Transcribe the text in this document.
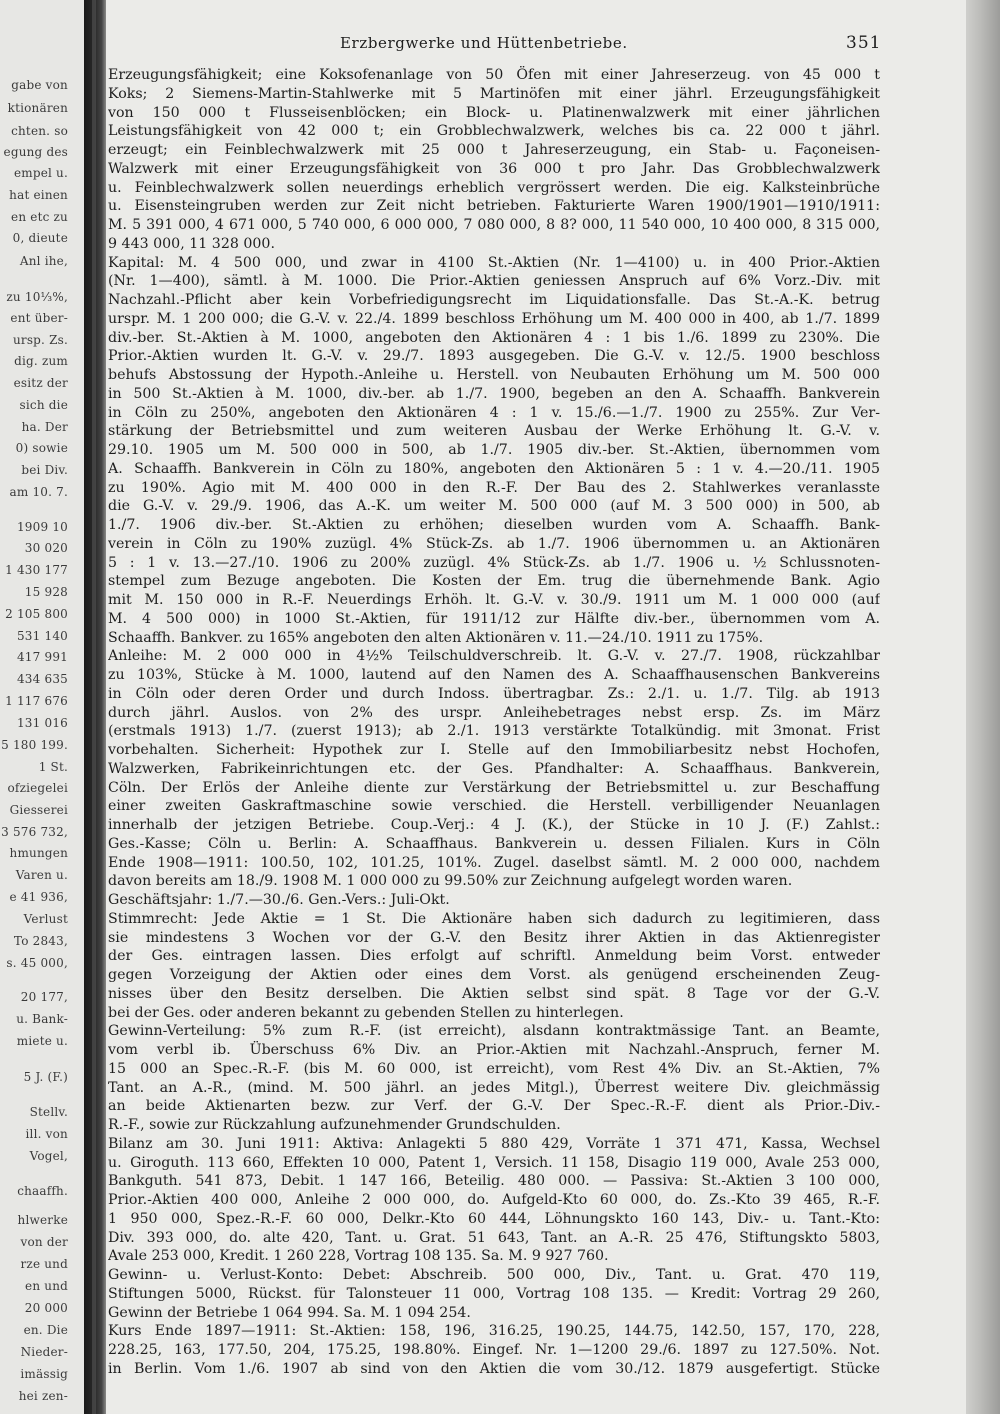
gabe von
ktionären
chten. so
egung des
empel u.
hat einen
en etc zu
0, dieute
Anl ihe,
zu 10⅓%,
ent über-
ursp. Zs.
dig. zum
esitz der
sich die
ha. Der
0) sowie
bei Div.
am 10. 7.
1909 10
30 020
1 430 177
15 928
2 105 800
531 140
417 991
434 635
1 117 676
131 016
5 180 199.
1 St.
ofziegelei
Giesserei
3 576 732,
hmungen
Varen u.
e 41 936,
Verlust
To 2843,
s. 45 000,
20 177,
u. Bank-
miete u.
5 J. (F.)
Stellv.
ill. von
Vogel,
chaaffh.
hlwerke
von der
rze und
en und
20 000
en. Die
Nieder-
imässig
hei zen-
Erzbergwerke und Hüttenbetriebe.	351
Erzeugungsfähigkeit; eine Koksofenanlage von 50 Öfen mit einer Jahreserzeug. von 45 000 t
Koks; 2 Siemens-Martin-Stahlwerke mit 5 Martinöfen mit einer jährl. Erzeugungsfähigkeit
von 150 000 t Flusseisenblöcken; ein Block- u. Platinenwalzwerk mit einer jährlichen
Leistungsfähigkeit von 42 000 t; ein Grobblechwalzwerk, welches bis ca. 22 000 t jährl.
erzeugt; ein Feinblechwalzwerk mit 25 000 t Jahreserzeugung, ein Stab- u. Façoneisen-
Walzwerk mit einer Erzeugungsfähigkeit von 36 000 t pro Jahr. Das Grobblechwalzwerk
u. Feinblechwalzwerk sollen neuerdings erheblich vergrössert werden. Die eig. Kalksteinbrüche
u. Eisensteingruben werden zur Zeit nicht betrieben. Fakturierte Waren 1900/1901—1910/1911:
M. 5 391 000, 4 671 000, 5 740 000, 6 000 000, 7 080 000, 8 8? 000, 11 540 000, 10 400 000, 8 315 000,
9 443 000, 11 328 000.
Kapital: M. 4 500 000, und zwar in 4100 St.-Aktien (Nr. 1—4100) u. in 400 Prior.-Aktien
(Nr. 1—400), sämtl. à M. 1000. Die Prior.-Aktien geniessen Anspruch auf 6% Vorz.-Div. mit
Nachzahl.-Pflicht aber kein Vorbefriedigungsrecht im Liquidationsfalle. Das St.-A.-K. betrug
urspr. M. 1 200 000; die G.-V. v. 22./4. 1899 beschloss Erhöhung um M. 400 000 in 400, ab 1./7. 1899
div.-ber. St.-Aktien à M. 1000, angeboten den Aktionären 4 : 1 bis 1./6. 1899 zu 230%. Die
Prior.-Aktien wurden lt. G.-V. v. 29./7. 1893 ausgegeben. Die G.-V. v. 12./5. 1900 beschloss
behufs Abstossung der Hypoth.-Anleihe u. Herstell. von Neubauten Erhöhung um M. 500 000
in 500 St.-Aktien à M. 1000, div.-ber. ab 1./7. 1900, begeben an den A. Schaaffh. Bankverein
in Cöln zu 250%, angeboten den Aktionären 4 : 1 v. 15./6.—1./7. 1900 zu 255%. Zur Ver-
stärkung der Betriebsmittel und zum weiteren Ausbau der Werke Erhöhung lt. G.-V. v.
29.10. 1905 um M. 500 000 in 500, ab 1./7. 1905 div.-ber. St.-Aktien, übernommen vom
A. Schaaffh. Bankverein in Cöln zu 180%, angeboten den Aktionären 5 : 1 v. 4.—20./11. 1905
zu 190%. Agio mit M. 400 000 in den R.-F. Der Bau des 2. Stahlwerkes veranlasste
die G.-V. v. 29./9. 1906, das A.-K. um weiter M. 500 000 (auf M. 3 500 000) in 500, ab
1./7. 1906 div.-ber. St.-Aktien zu erhöhen; dieselben wurden vom A. Schaaffh. Bank-
verein in Cöln zu 190% zuzügl. 4% Stück-Zs. ab 1./7. 1906 übernommen u. an Aktionären
5 : 1 v. 13.—27./10. 1906 zu 200% zuzügl. 4% Stück-Zs. ab 1./7. 1906 u. ½ Schlussnoten-
stempel zum Bezuge angeboten. Die Kosten der Em. trug die übernehmende Bank. Agio
mit M. 150 000 in R.-F. Neuerdings Erhöh. lt. G.-V. v. 30./9. 1911 um M. 1 000 000 (auf
M. 4 500 000) in 1000 St.-Aktien, für 1911/12 zur Hälfte div.-ber., übernommen vom A.
Schaaffh. Bankver. zu 165% angeboten den alten Aktionären v. 11.—24./10. 1911 zu 175%.
Anleihe: M. 2 000 000 in 4½% Teilschuldverschreib. lt. G.-V. v. 27./7. 1908, rückzahlbar
zu 103%, Stücke à M. 1000, lautend auf den Namen des A. Schaaffhausenschen Bankvereins
in Cöln oder deren Order und durch Indoss. übertragbar. Zs.: 2./1. u. 1./7. Tilg. ab 1913
durch jährl. Auslos. von 2% des urspr. Anleihebetrages nebst ersp. Zs. im März
(erstmals 1913) 1./7. (zuerst 1913); ab 2./1. 1913 verstärkte Totalkündig. mit 3monat. Frist
vorbehalten. Sicherheit: Hypothek zur I. Stelle auf den Immobiliarbesitz nebst Hochofen,
Walzwerken, Fabrikeinrichtungen etc. der Ges. Pfandhalter: A. Schaaffhaus. Bankverein,
Cöln. Der Erlös der Anleihe diente zur Verstärkung der Betriebsmittel u. zur Beschaffung
einer zweiten Gaskraftmaschine sowie verschied. die Herstell. verbilligender Neuanlagen
innerhalb der jetzigen Betriebe. Coup.-Verj.: 4 J. (K.), der Stücke in 10 J. (F.) Zahlst.:
Ges.-Kasse; Cöln u. Berlin: A. Schaaffhaus. Bankverein u. dessen Filialen. Kurs in Cöln
Ende 1908—1911: 100.50, 102, 101.25, 101%. Zugel. daselbst sämtl. M. 2 000 000, nachdem
davon bereits am 18./9. 1908 M. 1 000 000 zu 99.50% zur Zeichnung aufgelegt worden waren.
Geschäftsjahr: 1./7.—30./6. Gen.-Vers.: Juli-Okt.
Stimmrecht: Jede Aktie = 1 St. Die Aktionäre haben sich dadurch zu legitimieren, dass
sie mindestens 3 Wochen vor der G.-V. den Besitz ihrer Aktien in das Aktienregister
der Ges. eintragen lassen. Dies erfolgt auf schriftl. Anmeldung beim Vorst. entweder
gegen Vorzeigung der Aktien oder eines dem Vorst. als genügend erscheinenden Zeug-
nisses über den Besitz derselben. Die Aktien selbst sind spät. 8 Tage vor der G.-V.
bei der Ges. oder anderen bekannt zu gebenden Stellen zu hinterlegen.
Gewinn-Verteilung: 5% zum R.-F. (ist erreicht), alsdann kontraktmässige Tant. an Beamte,
vom verbl ib. Überschuss 6% Div. an Prior.-Aktien mit Nachzahl.-Anspruch, ferner M.
15 000 an Spec.-R.-F. (bis M. 60 000, ist erreicht), vom Rest 4% Div. an St.-Aktien, 7%
Tant. an A.-R., (mind. M. 500 jährl. an jedes Mitgl.), Überrest weitere Div. gleichmässig
an beide Aktienarten bezw. zur Verf. der G.-V. Der Spec.-R.-F. dient als Prior.-Div.-
R.-F., sowie zur Rückzahlung aufzunehmender Grundschulden.
Bilanz am 30. Juni 1911: Aktiva: Anlagekti 5 880 429, Vorräte 1 371 471, Kassa, Wechsel
u. Giroguth. 113 660, Effekten 10 000, Patent 1, Versich. 11 158, Disagio 119 000, Avale 253 000,
Bankguth. 541 873, Debit. 1 147 166, Beteilig. 480 000. — Passiva: St.-Aktien 3 100 000,
Prior.-Aktien 400 000, Anleihe 2 000 000, do. Aufgeld-Kto 60 000, do. Zs.-Kto 39 465, R.-F.
1 950 000, Spez.-R.-F. 60 000, Delkr.-Kto 60 444, Löhnungskto 160 143, Div.- u. Tant.-Kto:
Div. 393 000, do. alte 420, Tant. u. Grat. 51 643, Tant. an A.-R. 25 476, Stiftungskto 5803,
Avale 253 000, Kredit. 1 260 228, Vortrag 108 135. Sa. M. 9 927 760.
Gewinn- u. Verlust-Konto: Debet: Abschreib. 500 000, Div., Tant. u. Grat. 470 119,
Stiftungen 5000, Rückst. für Talonsteuer 11 000, Vortrag 108 135. — Kredit: Vortrag 29 260,
Gewinn der Betriebe 1 064 994. Sa. M. 1 094 254.
Kurs Ende 1897—1911: St.-Aktien: 158, 196, 316.25, 190.25, 144.75, 142.50, 157, 170, 228,
228.25, 163, 177.50, 204, 175.25, 198.80%. Eingef. Nr. 1—1200 29./6. 1897 zu 127.50%. Not.
in Berlin. Vom 1./6. 1907 ab sind von den Aktien die vom 30./12. 1879 ausgefertigt. Stücke
